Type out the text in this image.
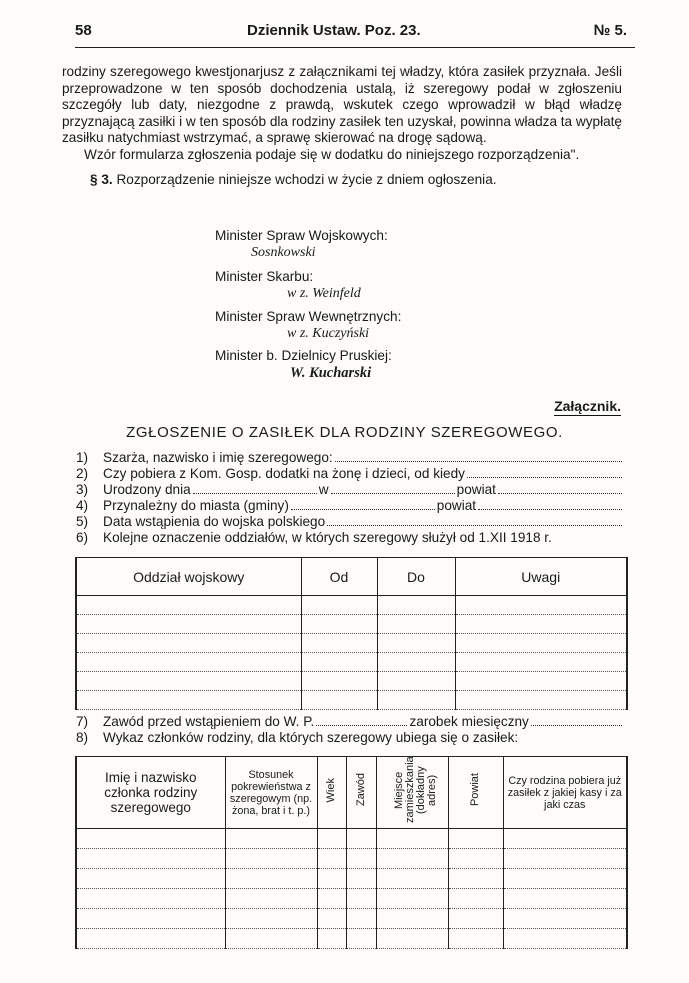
58	Dziennik Ustaw. Poz. 23.	№ 5.

rodziny szeregowego kwestjonarjusz z załącznikami tej władzy, która zasiłek przyznała. Jeśli przeprowadzone w ten sposób dochodzenia ustalą, iż szeregowy podał w zgłoszeniu szczegóły lub daty, niezgodne z prawdą, wskutek czego wprowadził w błąd władzę przyznającą zasiłki i w ten sposób dla rodziny zasiłek ten uzyskał, powinna władza ta wypłatę zasiłku natychmiast wstrzymać, a sprawę skierować na drogę sądową.

Wzór formularza zgłoszenia podaje się w dodatku do niniejszego rozporządzenia".

§ 3. Rozporządzenie niniejsze wchodzi w życie z dniem ogłoszenia.

Minister Spraw Wojskowych:
Sosnkowski
Minister Skarbu:
w z. Weinfeld
Minister Spraw Wewnętrznych:
w z. Kuczyński
Minister b. Dzielnicy Pruskiej:
W. Kucharski
Załącznik.
ZGŁOSZENIE O ZASIŁEK DLA RODZINY SZEREGOWEGO.
1)	Szarża, nazwisko i imię szeregowego:
2)	Czy pobiera z Kom. Gosp. dodatki na żonę i dzieci, od kiedy
3)	Urodzony dnia	w	powiat
4)	Przynależny do miasta (gminy)	powiat
5)	Data wstąpienia do wojska polskiego
6)	Kolejne oznaczenie oddziałów, w których szeregowy służył od 1.XII 1918 r.
Oddział wojskowy	Od	Do	Uwagi

7)	Zawód przed wstąpieniem do W. P.	zarobek miesięczny
8)	Wykaz członków rodziny, dla których szeregowy ubiega się o zasiłek:
Imię i nazwisko członka rodziny szeregowego	Stosunek pokrewieństwa z szeregowym (np. żona, brat i t. p.)	Wiek	Zawód	Miejsce zamieszkania (dokładny adres)	Powiat	Czy rodzina pobiera już zasiłek z jakiej kasy i za jaki czas
